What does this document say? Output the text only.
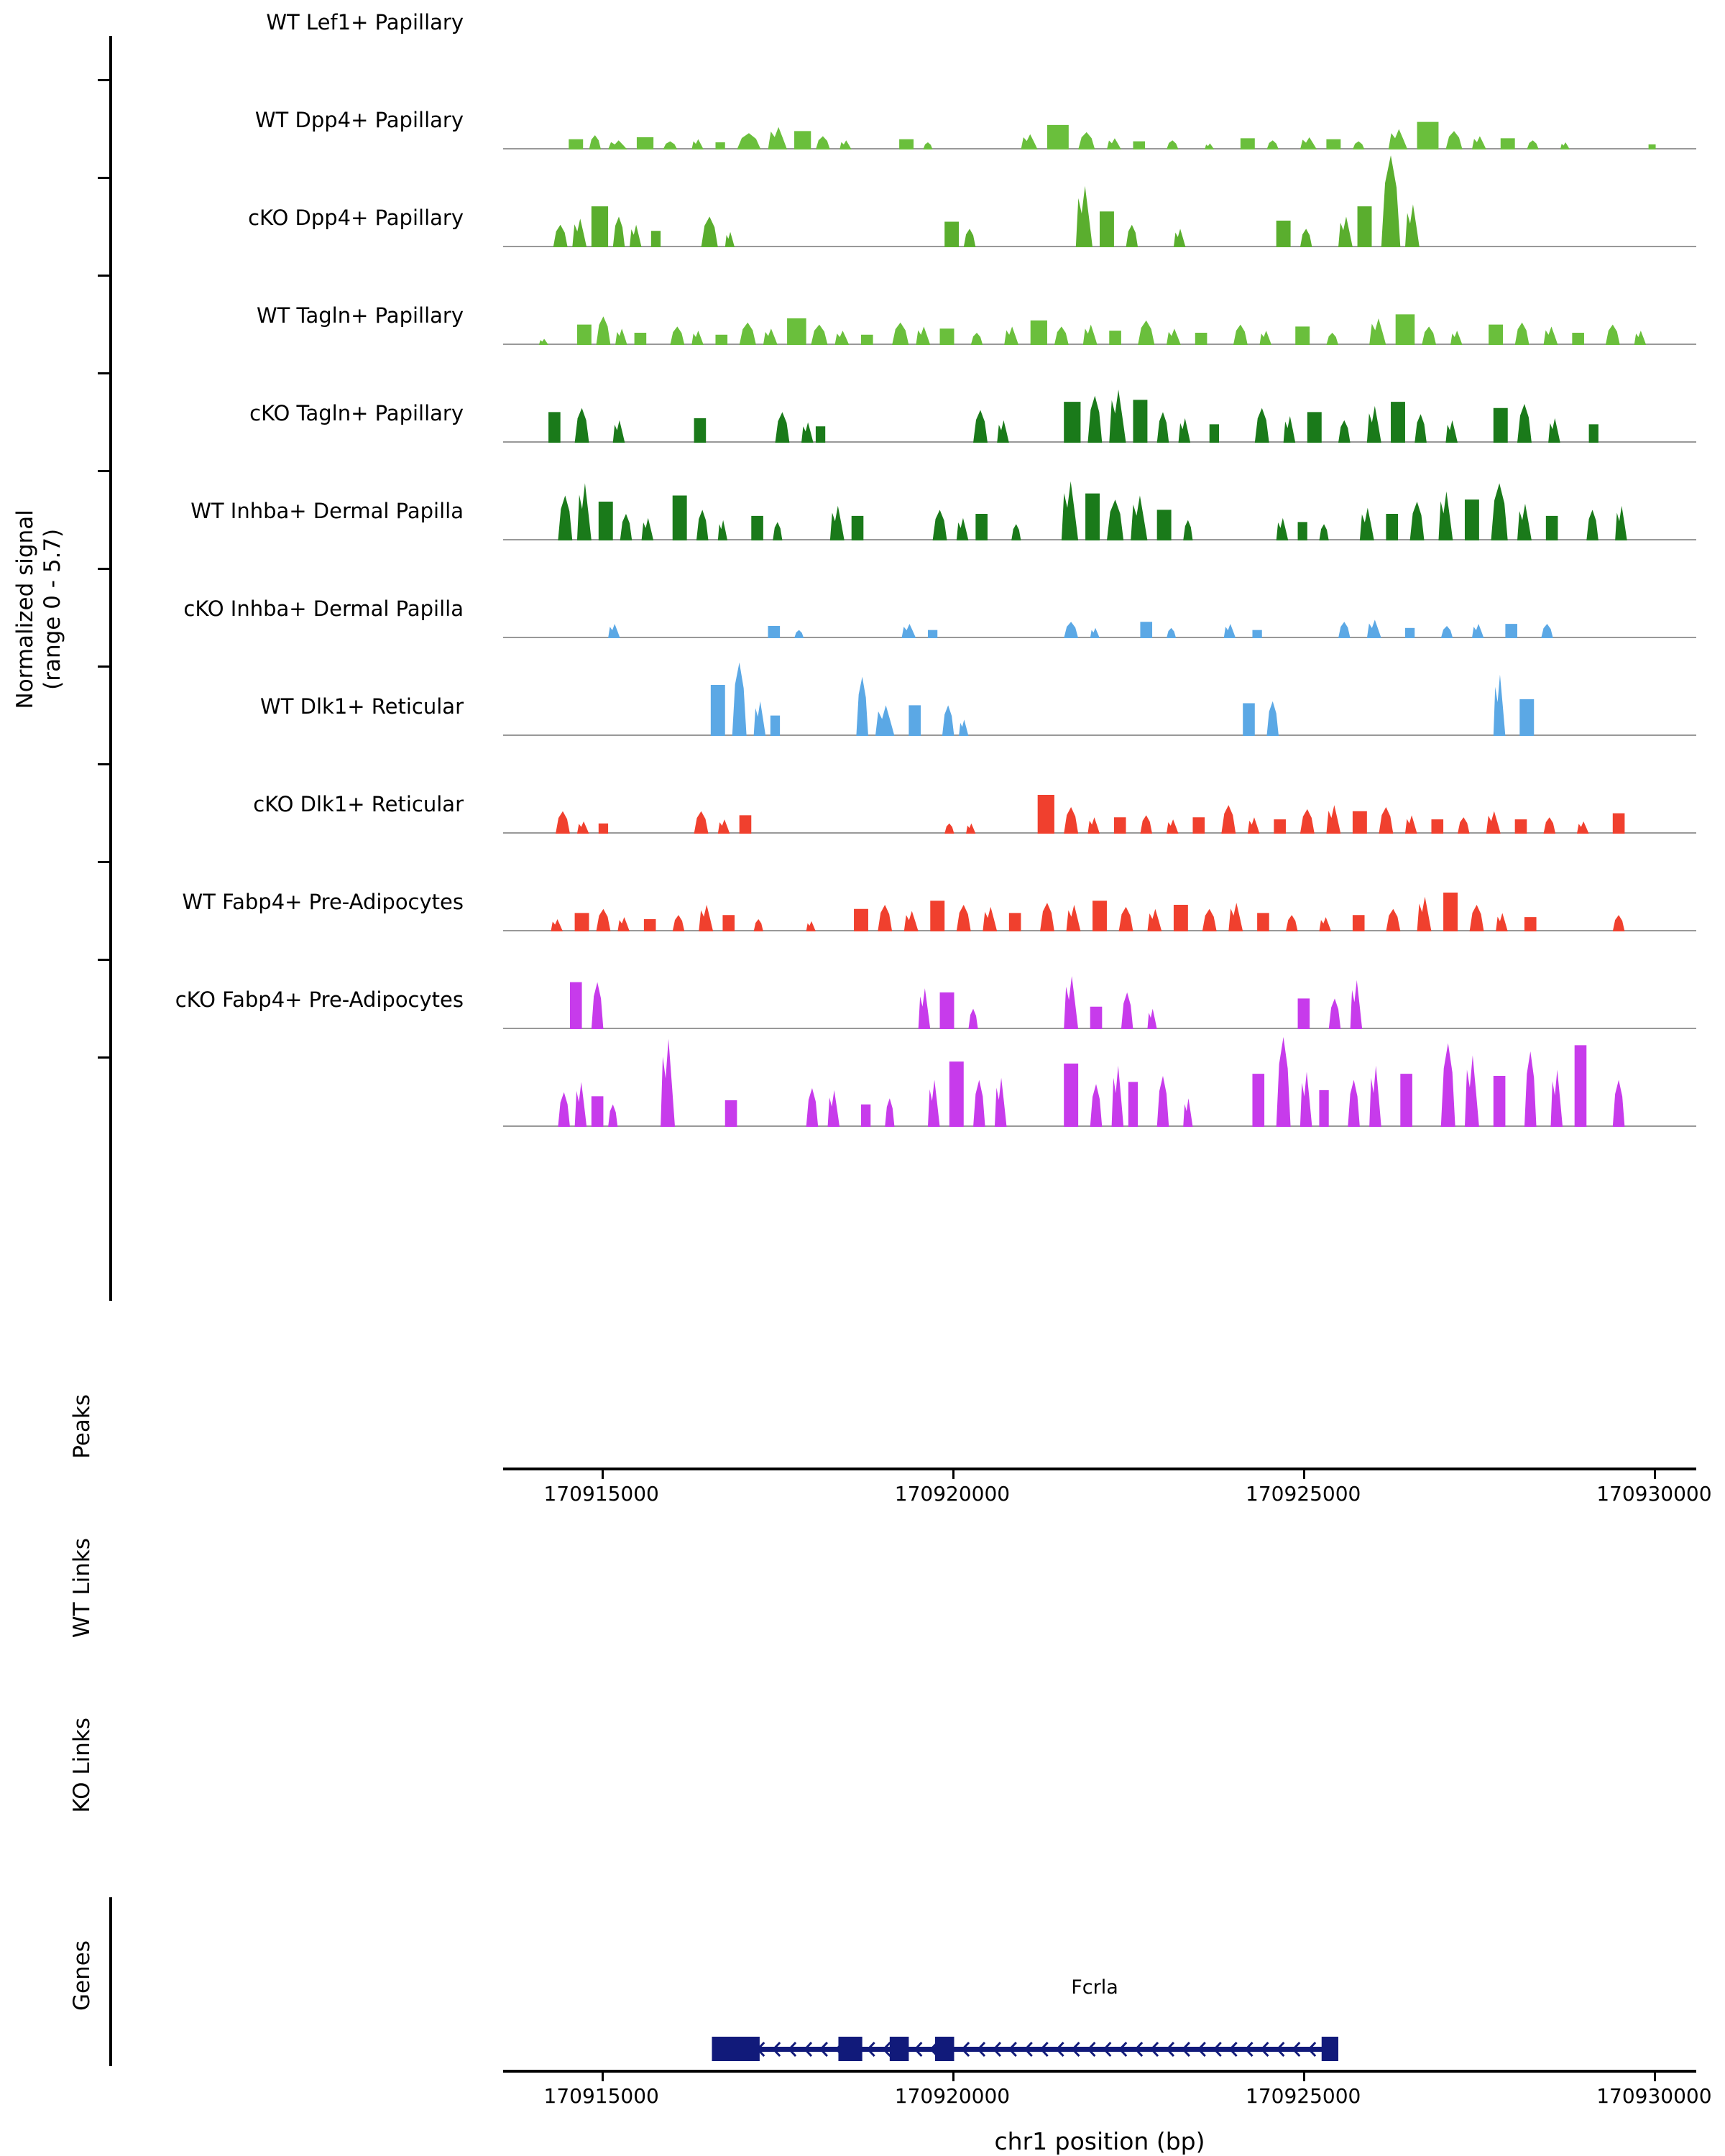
Normalized signal (range 0 - 5.7)
WT Lef1+ Papillary
WT Dpp4+ Papillary
cKO Dpp4+ Papillary
WT Tagln+ Papillary
cKO Tagln+ Papillary
WT Inhba+ Dermal Papilla
cKO Inhba+ Dermal Papilla
WT Dlk1+ Reticular
cKO Dlk1+ Reticular
WT Fabp4+ Pre-Adipocytes
cKO Fabp4+ Pre-Adipocytes
Peaks
WT Links
KO Links
Genes
170915000	170920000	170925000	170930000
Fcrla
170915000	170920000	170925000	170930000
chr1 position (bp)
